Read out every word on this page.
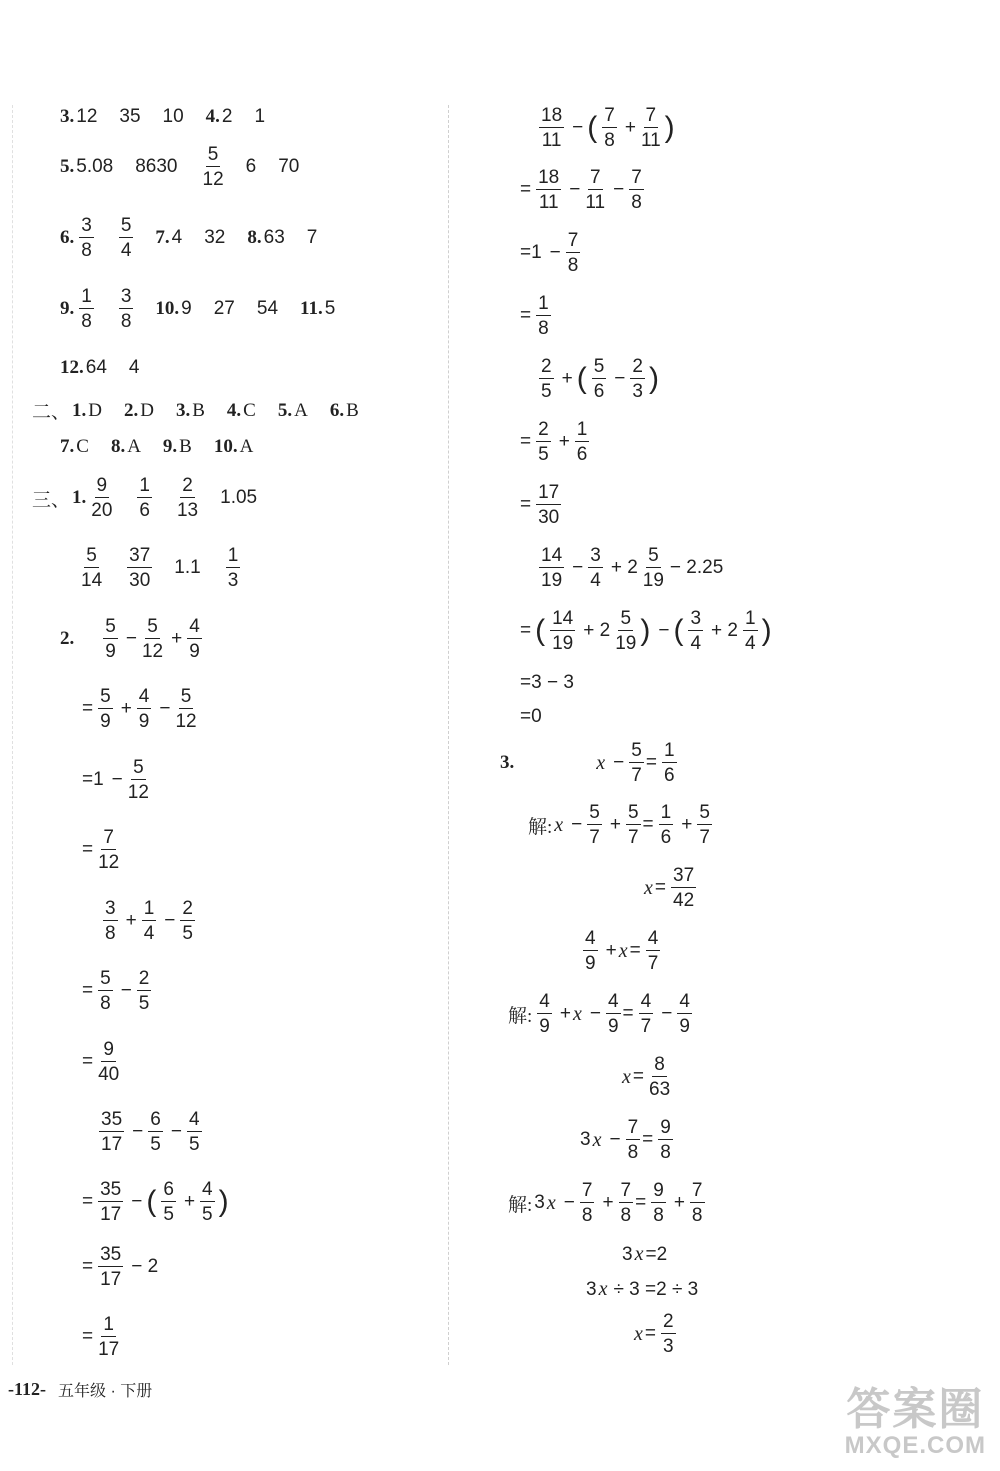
3. 12 35 10 4. 2 1
5. 5.08 8630
5
12
6 70
6.
3
8
5
4
7. 4 32 8. 63 7
9.
1
8
3
8
10. 9 27 54 11. 5
12. 64 4
二、 1. D 2. D 3. B 4. C 5. A 6. B
7. C 8. A 9. B 10. A
三、 1.
9
20
1
6
2
13
1.05
5
14
37
30
1.1
1
3
2.
5
9
− $\frac{5}{12} + \frac{4}{9}$
= $\frac{5}{9} + \frac{4}{9} - \frac{5}{12}$
$=1 - \frac{5}{12}$
= $\frac{7}{12}$
3
8
+ $\frac{1}{4} - \frac{2}{5}$
= $\frac{5}{8} - \frac{2}{5}$
= $\frac{9}{40}$
35
17
− $\frac{6}{5} - \frac{4}{5}$
= $\frac{35}{17}$ − ( 6
5
+ $\frac{4}{5}$ )
= $\frac{35}{17} - 2$
= $\frac{1}{17}$
18
11
− ( 7
8
+ $\frac{7}{11}$ )
= $\frac{18}{11} - \frac{7}{11} - \frac{7}{8}$
$=1 - \frac{7}{8}$
= $\frac{1}{8}$
2
5
+ ( 5
6
− $\frac{2}{3}$ )
= $\frac{2}{5} + \frac{1}{6}$
= $\frac{17}{30}$
14
19
− $\frac{3}{4} + 2$
5
19
− 2.25
= ( 14
19
+ 2
5
19 ) − ( 3
4
+ 2
1
4 )
=3 − 3
=0
3.	$x - \frac{5}{7} = \frac{1}{6}$
解: $x - \frac{5}{7} + \frac{5}{7} = \frac{1}{6} + \frac{5}{7}$
$x = \frac{37}{42}$
4
9
+ $x = \frac{4}{7}$
解:
4
9
+ $x - \frac{4}{9} = \frac{4}{7} - \frac{4}{9}$
$x = \frac{8}{63}$
3 $x - \frac{7}{8} = \frac{9}{8}$
解: 3 $x - \frac{7}{8} + \frac{7}{8} = \frac{9}{8} + \frac{7}{8}$
3 x =2
3 x ÷ 3 =2 ÷ 3
$x = \frac{2}{3}$
-112- 五年级 · 下册	答案圈
MXQE.COM
